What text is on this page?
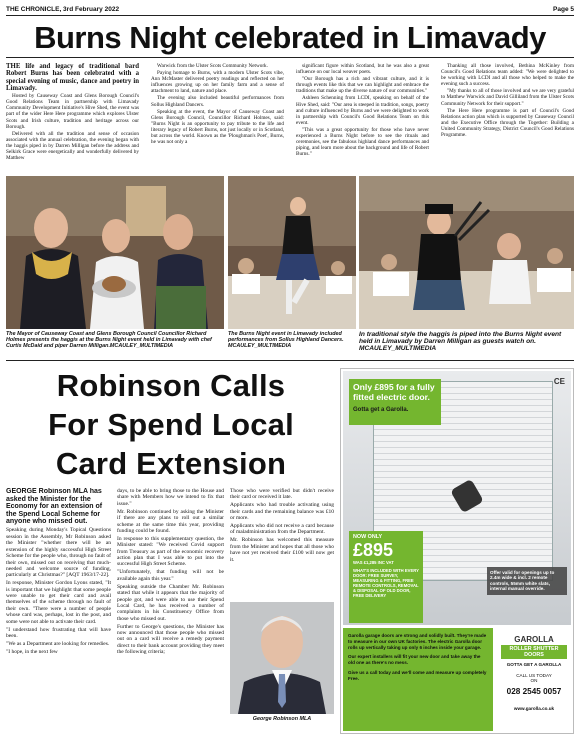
THE CHRONICLE, 3rd February 2022	Page 5
Burns Night celebrated in Limavady

THE life and legacy of traditional bard Robert Burns has been celebrated with a special evening of music, dance and poetry in Limavady.

Hosted by Causeway Coast and Glens Borough Council's Good Relations Team in partnership with Limavady Community Development Initiative's Hive Shed, the event was part of the wider Here Here programme which explores Ulster Scots and Irish culture, tradition and heritage across our Borough.

Delivered with all the tradition and sense of occasion associated with the annual celebration, the evening began with the haggis piped in by Darren Milligan before the address and Selkirk Grace were energetically and wonderfully delivered by Matthew

Warwick from the Ulster Scots Community Network.

Paying homage to Burns, with a modern Ulster Scots vibe, Ann McMaster delivered poetry readings and reflected on her influences growing up on her family farm and a sense of attachment to land, nature and place.

The evening also included beautiful performances from Sollus Highland Dancers.

Speaking at the event, the Mayor of Causeway Coast and Glens Borough Council, Councillor Richard Holmes, said: "Burns Night is an opportunity to pay tribute to the life and literary legacy of Robert Burns, not just locally or in Scotland, but across the world. Known as the 'Ploughman's Poet', Burns, he was not only a

significant figure within Scotland, but he was also a great influence on our local weaver poets.

"Our Borough has a rich and vibrant culture, and it is through events like this that we can highlight and embrace the traditions that make up the diverse nature of our communities."

Ashleen Schenning from LCDI, speaking on behalf of the Hive Shed, said: "Our area is steeped in tradition, songs, poetry and culture influenced by Burns and we were delighted to work in partnership with Council's Good Relations Team on this event.

"This was a great opportunity for those who have never experienced a Burns Night before to see the rituals and ceremonies, see the fabulous highland dance performances and piping, and learn more about the background and life of Robert Burns."

Thanking all those involved, Bethina McKinley from Council's Good Relations team added: "We were delighted to be working with LCDI and all those who helped to make the evening such a success.

"My thanks to all of those involved and we are very grateful to Matthew Warwick and David Gilliland from the Ulster Scots Community Network for their support."

The Here Here programme is part of Council's Good Relations action plan which is supported by Causeway Council and the Executive Office through the Together: Building a United Community Strategy, District Council's Good Relations Programme.

The Mayor of Causeway Coast and Glens Borough Council Councillor Richard Holmes presents the haggis at the Burns Night event held in Limavady with chef Curtis McDaid and piper Darren Milligan.MCAULEY_MULTIMEDIA
The Burns Night event in Limavady included performances from Sollus Highland Dancers. MCAULEY_MULTIMEDIA
In traditional style the haggis is piped into the Burns Night event held in Limavady by Darren Milligan as guests watch on. MCAULEY_MULTIMEDIA
Robinson Calls
For Spend Local
Card Extension

GEORGE Robinson MLA has asked the Minister for the Economy for an extension of the Spend Local Scheme for anyone who missed out.

Speaking during Monday's Topical Questions session in the Assembly, Mr Robinson asked the Minister "whether there will be an extension of the highly successful High Street Scheme for the people who, through no fault of their own, missed out on receiving that much-needed and welcome source of funding, particularly at Christmas?" [AQT 1963/17-22].

In response, Minister Gordon Lyons stated, "It is important that we highlight that some people were unable to get their card and avail themselves of the scheme through no fault of their own. "There were a number of people whose card was, perhaps, lost in the post, and some were not able to activate their card.

"I understand how frustrating that will have been.

"We as a Department are looking for remedies.

"I hope, in the next few

days, to be able to bring those to the House and share with Members how we intend to fix that issue."

Mr. Robinson continued by asking the Minister if there are any plans to roll out a similar scheme at the same time this year, providing funding could be found.

In response to this supplementary question, the Minister stated: "We received Covid support from Treasury as part of the economic recovery action plan that I was able to put into the successful High Street Scheme.

"Unfortunately, that funding will not be available again this year."

Speaking outside the Chamber Mr. Robinson stated that while it appears that the majority of people got, and were able to use their Spend Local Card, he has received a number of complaints in his Constituency Office from those who missed out.

Further to George's questions, the Minister has now announced that those people who missed out on a card will receive a remedy payment direct to their bank account providing they meet the following criteria;

Those who were verified but didn't receive their card or received it late.

Applicants who had trouble activating using their cards and the remaining balance was £10 or more.

Applicants who did not receive a card because of maladministration from the Department.

Mr. Robinson has welcomed this measure from the Minister and hopes that all those who have not yet received their £100 will now get it.

George Robinson MLA
Only £895 for a fully fitted electric door.
Gotta get a Garolla.
CE
NOW ONLY
£895
WAS £1,285 INC VAT
WHAT'S INCLUDED WITH EVERY DOOR: FREE SURVEY, MEASURING & FITTING, FREE REMOTE CONTROLS, REMOVAL & DISPOSAL OF OLD DOOR, FREE DELIVERY
Offer valid for openings up to 2.4m wide & incl. 2 remote controls, 55mm white slats, internal manual override.

Garolla garage doors are strong and solidly built. They're made to measure in our own UK factories. The electric Garolla door rolls up vertically taking up only 6 inches inside your garage.

Our expert installers will fit your new door and take away the old one as there's no mess.

Give us a call today and we'll come and measure up completely Free.

GAROLLA
ROLLER SHUTTER DOORS
GOTTA GET A GAROLLA
CALL US TODAY
ON
028 2545 0057
www.garolla.co.uk
